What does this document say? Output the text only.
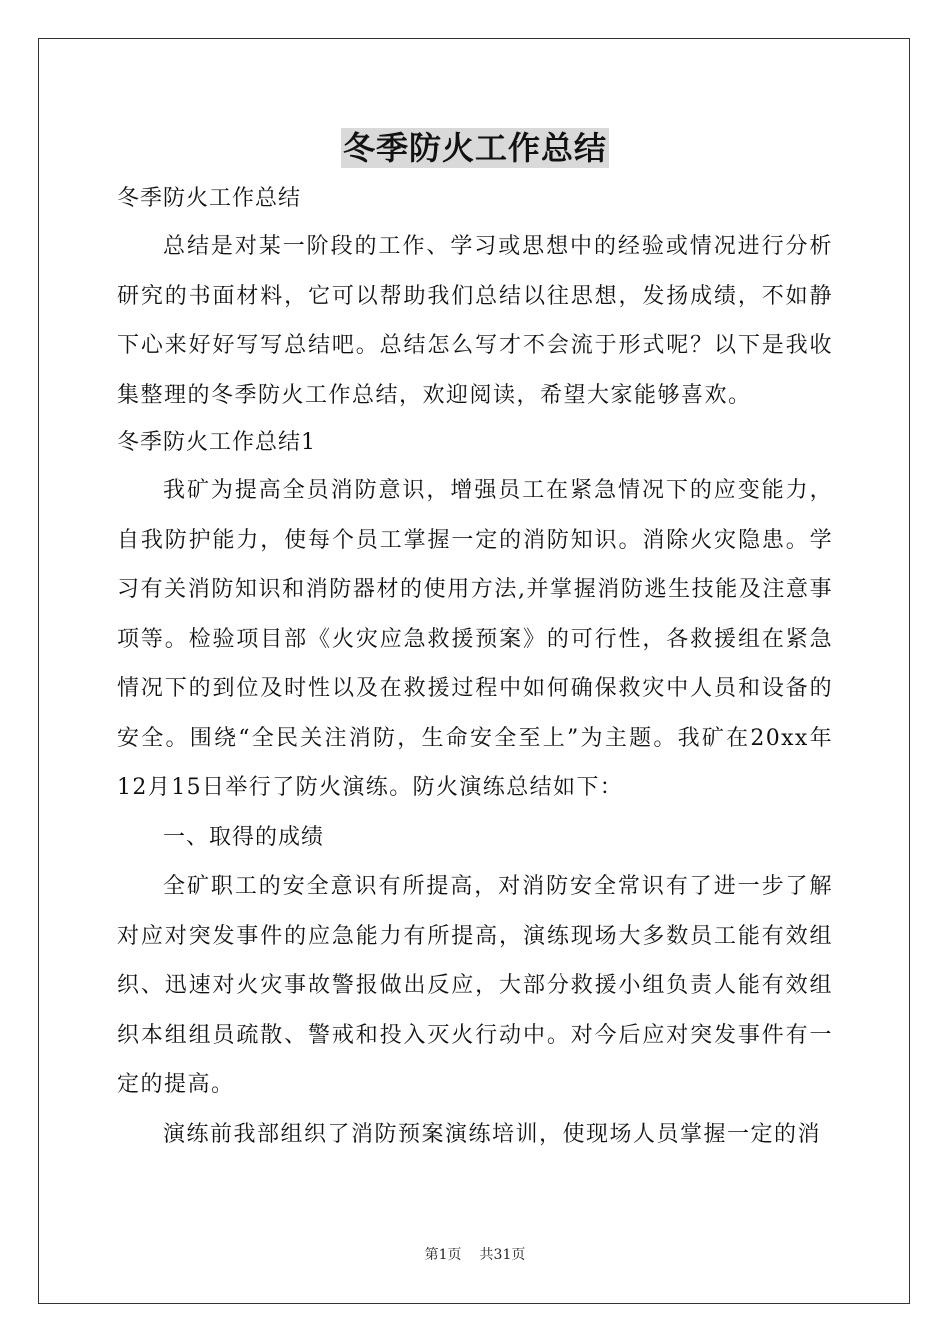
冬季防火工作总结
冬季防火工作总结

总结是对某一阶段的工作、学习或思想中的经验或情况进行分析研究的书面材料，它可以帮助我们总结以往思想，发扬成绩，不如静下心来好好写写总结吧。总结怎么写才不会流于形式呢？以下是我收集整理的冬季防火工作总结，欢迎阅读，希望大家能够喜欢。

冬季防火工作总结1

我矿为提高全员消防意识，增强员工在紧急情况下的应变能力，自我防护能力，使每个员工掌握一定的消防知识。消除火灾隐患。学习有关消防知识和消防器材的使用方法,并掌握消防逃生技能及注意事项等。检验项目部《火灾应急救援预案》的可行性，各救援组在紧急情况下的到位及时性以及在救援过程中如何确保救灾中人员和设备的安全。围绕“全民关注消防，生命安全至上”为主题。我矿在20xx年12月15日举行了防火演练。防火演练总结如下：

一、取得的成绩

全矿职工的安全意识有所提高，对消防安全常识有了进一步了解对应对突发事件的应急能力有所提高，演练现场大多数员工能有效组织、迅速对火灾事故警报做出反应，大部分救援小组负责人能有效组织本组组员疏散、警戒和投入灭火行动中。对今后应对突发事件有一定的提高。

演练前我部组织了消防预案演练培训，使现场人员掌握一定的消

第1页 共31页
